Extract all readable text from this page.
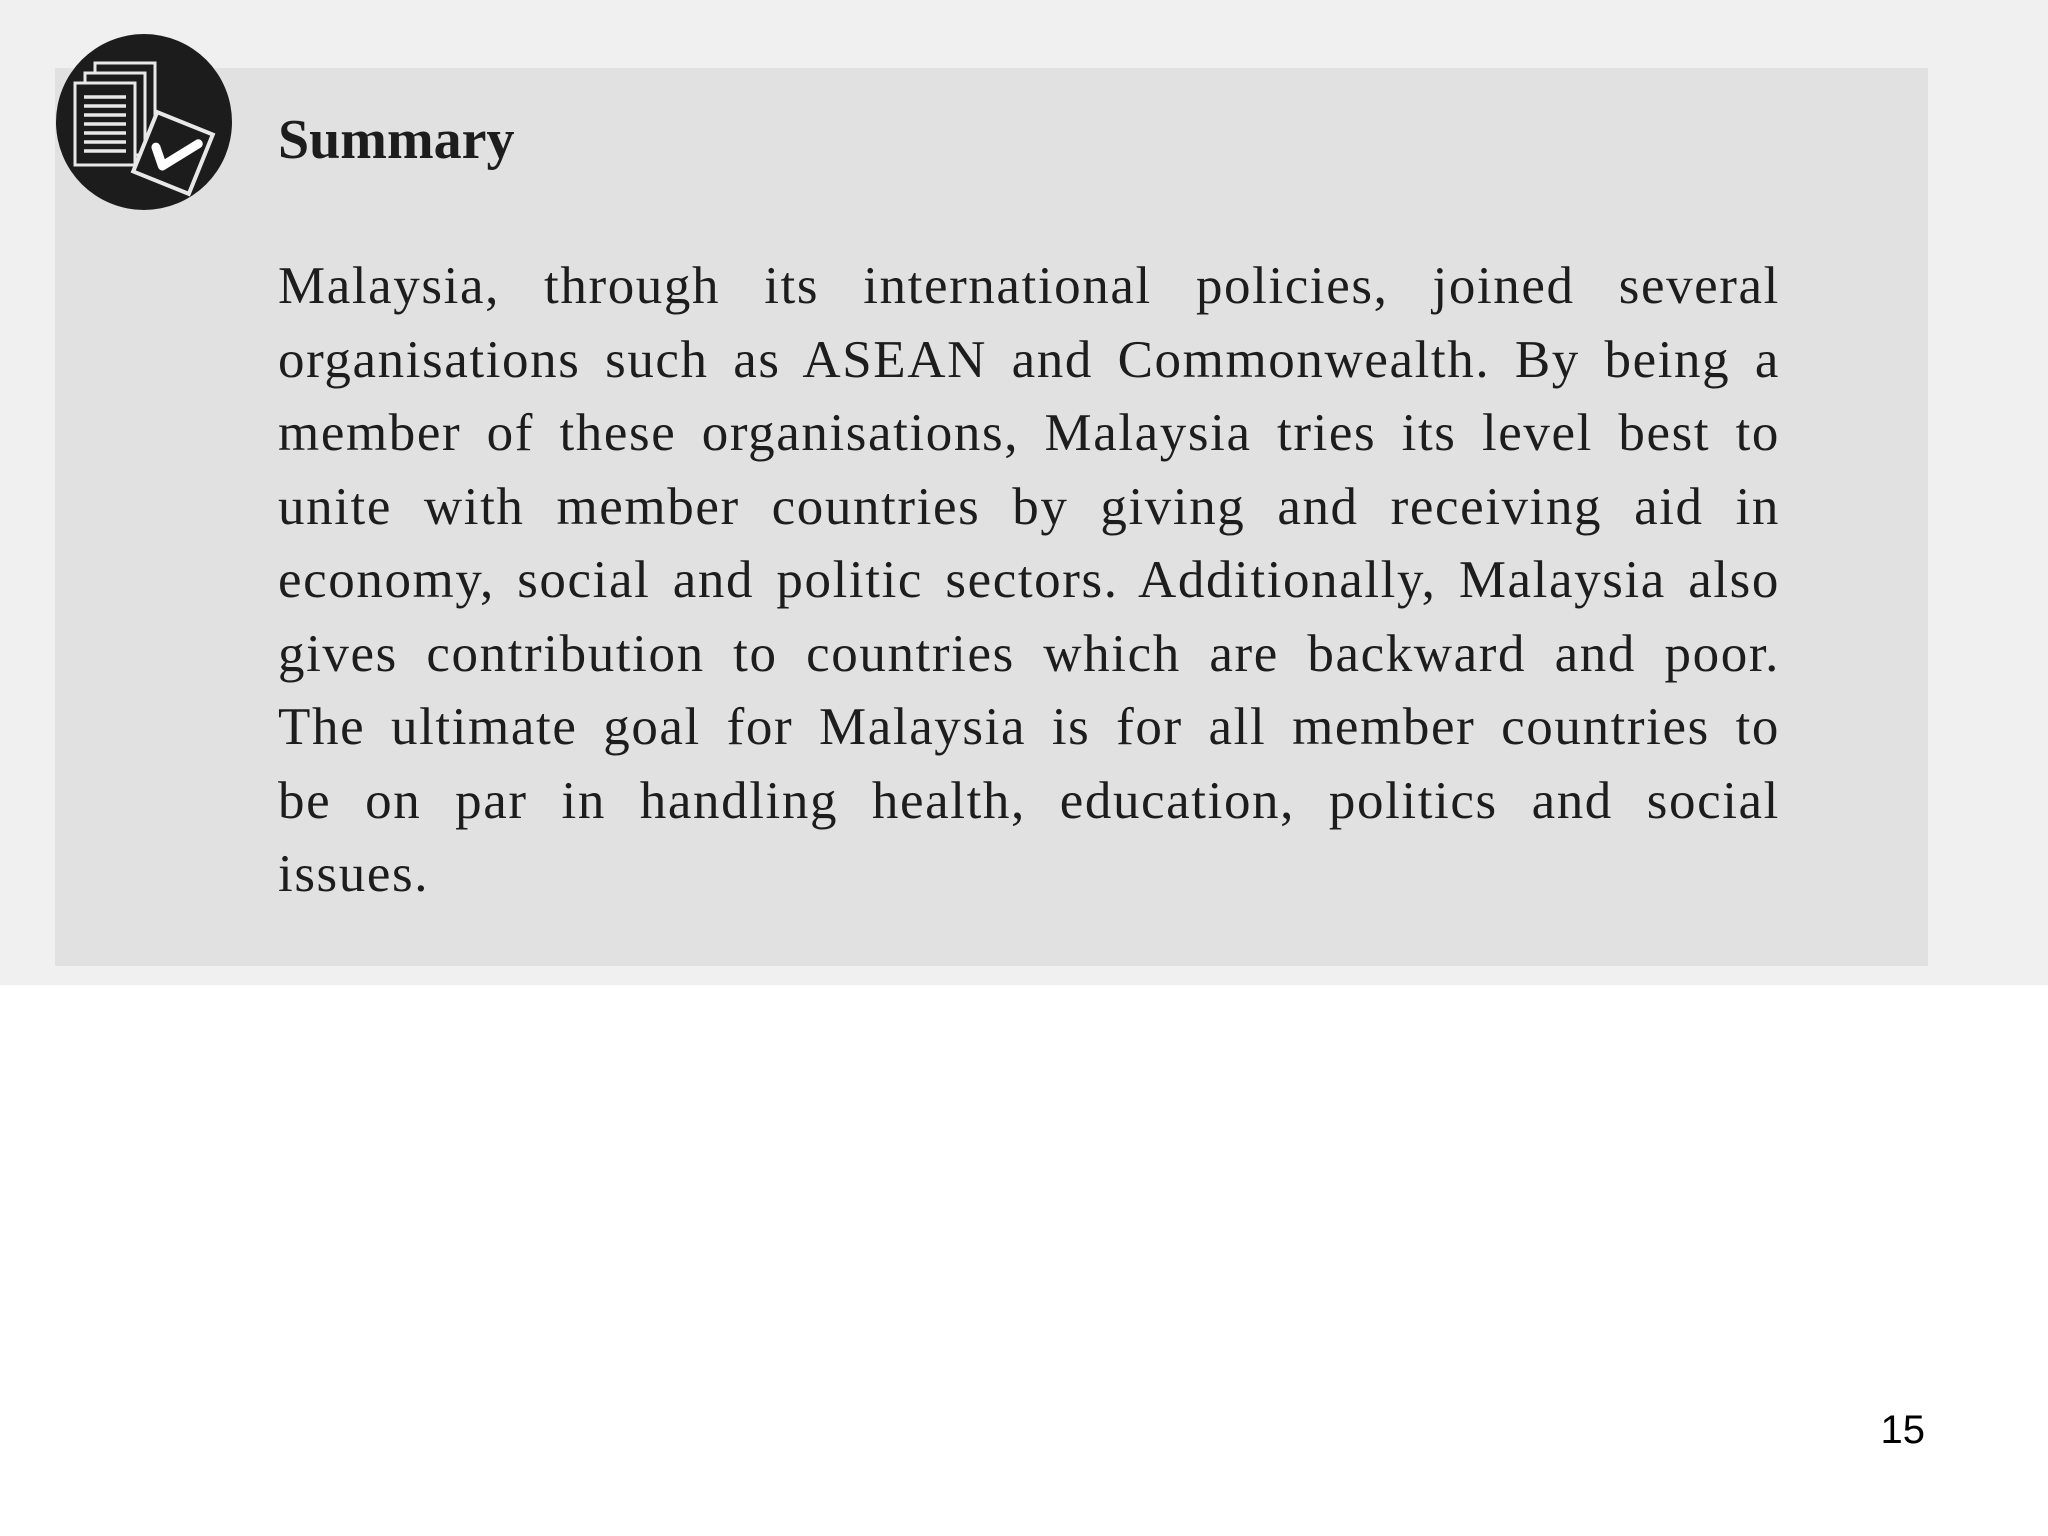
Summary

Malaysia, through its international policies, joined several organisations such as ASEAN and Commonwealth. By being a member of these organisations, Malaysia tries its level best to unite with member countries by giving and receiving aid in economy, social and politic sectors. Additionally, Malaysia also gives contribution to countries which are backward and poor. The ultimate goal for Malaysia is for all member countries to be on par in handling health, education, politics and social issues.

15
